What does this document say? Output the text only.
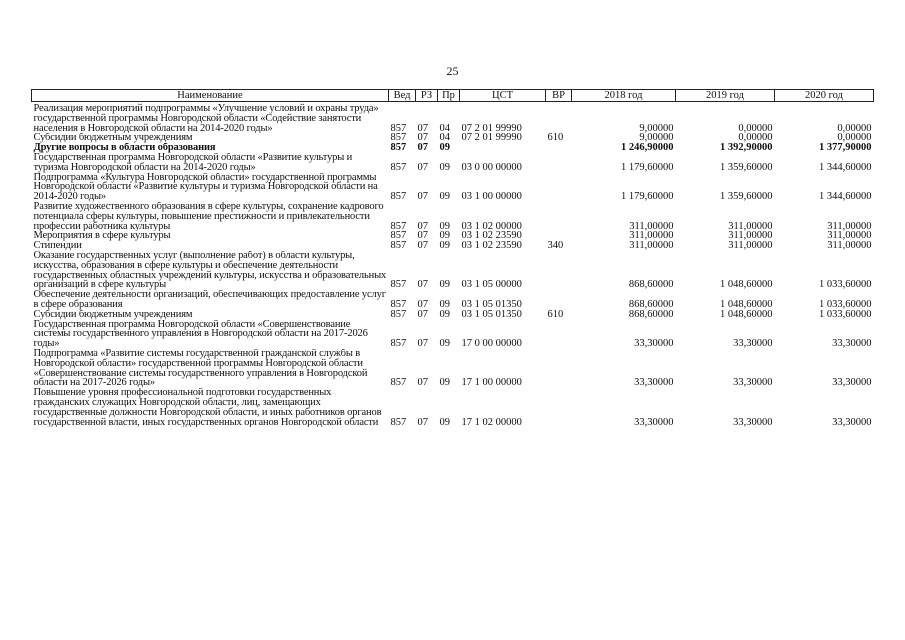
25
Наименование	Вед	РЗ	Пр	ЦСТ	ВР	2018 год	2019 год	2020 год
Реализация мероприятий подпрограммы «Улучшение условий и охраны труда» государственной программы Новгородской области «Содействие занятости населения в Новгородской области на 2014-2020 годы»	857	07	04	07 2 01 99990		9,00000	0,00000	0,00000
Субсидии бюджетным учреждениям	857	07	04	07 2 01 99990	610	9,00000	0,00000	0,00000
Другие вопросы в области образования	857	07	09			1 246,90000	1 392,90000	1 377,90000
Государственная программа Новгородской области «Развитие культуры и туризма Новгородской области на 2014-2020 годы»	857	07	09	03 0 00 00000		1 179,60000	1 359,60000	1 344,60000
Подпрограмма «Культура Новгородской области» государственной программы Новгородской области «Развитие культуры и туризма Новгородской области на 2014-2020 годы»	857	07	09	03 1 00 00000		1 179,60000	1 359,60000	1 344,60000
Развитие художественного образования в сфере культуры, сохранение кадрового потенциала сферы культуры, повышение престижности и привлекательности профессии работника культуры	857	07	09	03 1 02 00000		311,00000	311,00000	311,00000
Мероприятия в сфере культуры	857	07	09	03 1 02 23590		311,00000	311,00000	311,00000
Стипендии	857	07	09	03 1 02 23590	340	311,00000	311,00000	311,00000
Оказание государственных услуг (выполнение работ) в области культуры, искусства, образования в сфере культуры и обеспечение деятельности государственных областных учреждений культуры, искусства и образовательных организаций в сфере культуры	857	07	09	03 1 05 00000		868,60000	1 048,60000	1 033,60000
Обеспечение деятельности организаций, обеспечивающих предоставление услуг в сфере образования	857	07	09	03 1 05 01350		868,60000	1 048,60000	1 033,60000
Субсидии бюджетным учреждениям	857	07	09	03 1 05 01350	610	868,60000	1 048,60000	1 033,60000
Государственная программа Новгородской области «Совершенствование системы государственного управления в Новгородской области на 2017-2026 годы»	857	07	09	17 0 00 00000		33,30000	33,30000	33,30000
Подпрограмма «Развитие системы государственной гражданской службы в Новгородской области» государственной программы Новгородской области «Совершенствование системы государственного управления в Новгородской области на 2017-2026 годы»	857	07	09	17 1 00 00000		33,30000	33,30000	33,30000
Повышение уровня профессиональной подготовки государственных гражданских служащих Новгородской области, лиц, замещающих государственные должности Новгородской области, и иных работников органов государственной власти, иных государственных органов Новгородской области	857	07	09	17 1 02 00000		33,30000	33,30000	33,30000
